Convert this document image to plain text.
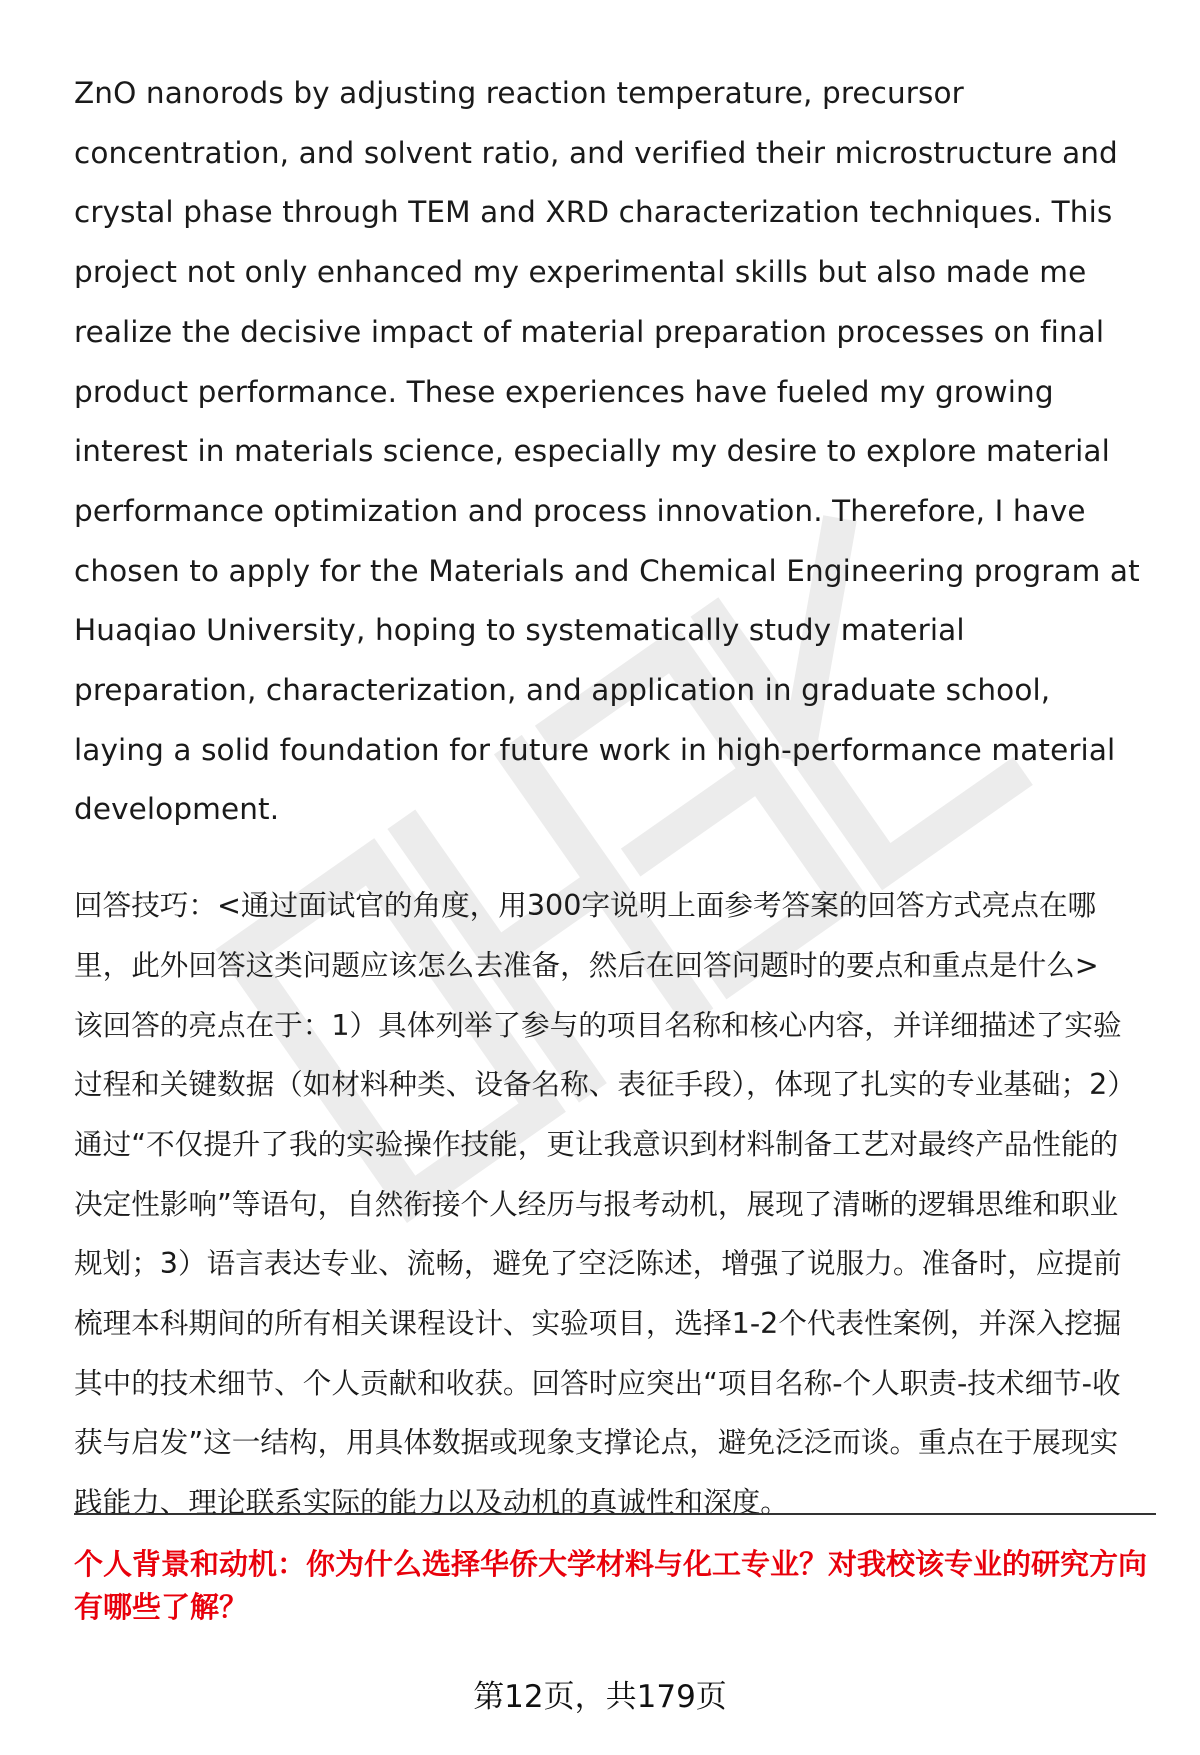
ZnO nanorods by adjusting reaction temperature, precursor concentration, and solvent ratio, and verified their microstructure and crystal phase through TEM and XRD characterization techniques. This project not only enhanced my experimental skills but also made me realize the decisive impact of material preparation processes on final product performance. These experiences have fueled my growing interest in materials science, especially my desire to explore material performance optimization and process innovation. Therefore, I have chosen to apply for the Materials and Chemical Engineering program at Huaqiao University, hoping to systematically study material preparation, characterization, and application in graduate school, laying a solid foundation for future work in high-performance material development.

回答技巧：<通过面试官的角度，用300字说明上面参考答案的回答方式亮点在哪里，此外回答这类问题应该怎么去准备，然后在回答问题时的要点和重点是什么>

该回答的亮点在于：1）具体列举了参与的项目名称和核心内容，并详细描述了实验过程和关键数据（如材料种类、设备名称、表征手段），体现了扎实的专业基础；2）通过“不仅提升了我的实验操作技能，更让我意识到材料制备工艺对最终产品性能的决定性影响”等语句，自然衔接个人经历与报考动机，展现了清晰的逻辑思维和职业规划；3）语言表达专业、流畅，避免了空泛陈述，增强了说服力。准备时，应提前梳理本科期间的所有相关课程设计、实验项目，选择1-2个代表性案例，并深入挖掘其中的技术细节、个人贡献和收获。回答时应突出“项目名称-个人职责-技术细节-收获与启发”这一结构，用具体数据或现象支撑论点，避免泛泛而谈。重点在于展现实践能力、理论联系实际的能力以及动机的真诚性和深度。

个人背景和动机：你为什么选择华侨大学材料与化工专业？对我校该专业的研究方向有哪些了解？

第12页，共179页
